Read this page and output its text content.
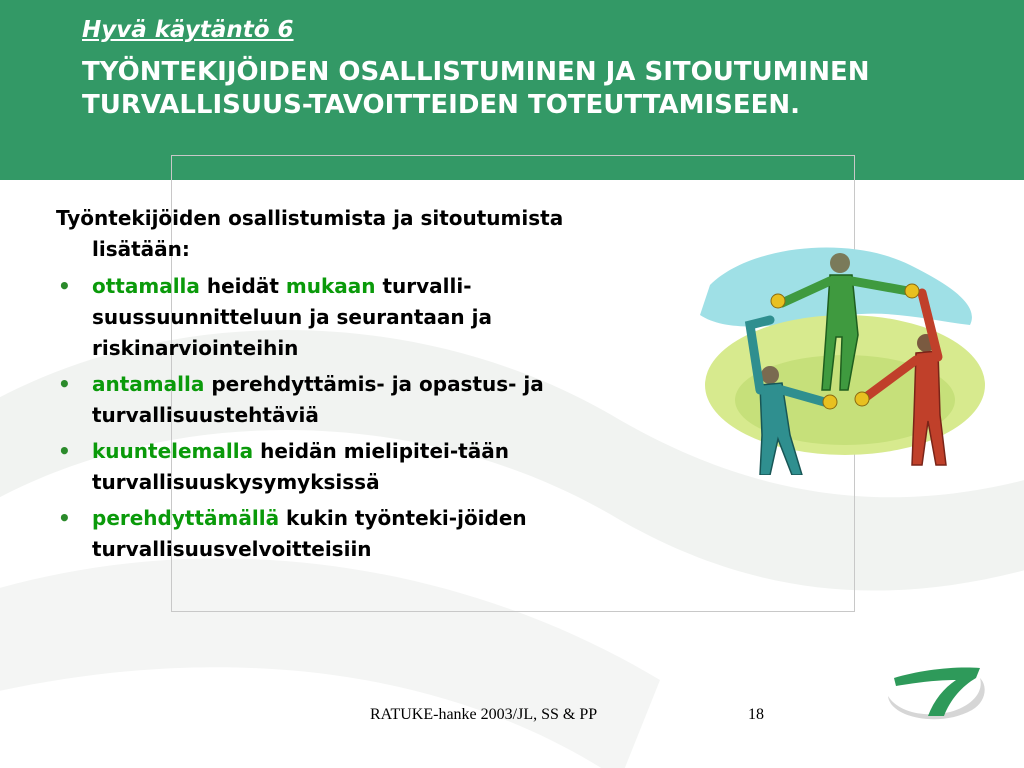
Hyvä käytäntö 6
TYÖNTEKIJÖIDEN OSALLISTUMINEN JA SITOUTUMINEN TURVALLISUUS-TAVOITTEIDEN TOTEUTTAMISEEN.

Työntekijöiden osallistumista ja sitoutumista lisätään:

• ottamalla heidät mukaan turvalli-suussuunnitteluun ja seurantaan ja riskinarviointeihin
• antamalla perehdyttämis- ja opastus- ja turvallisuustehtäviä
• kuuntelemalla heidän mielipitei-tään turvallisuuskysymyksissä
• perehdyttämällä kukin työnteki-jöiden turvallisuusvelvoitteisiin
RATUKE-hanke 2003/JL, SS & PP	18
